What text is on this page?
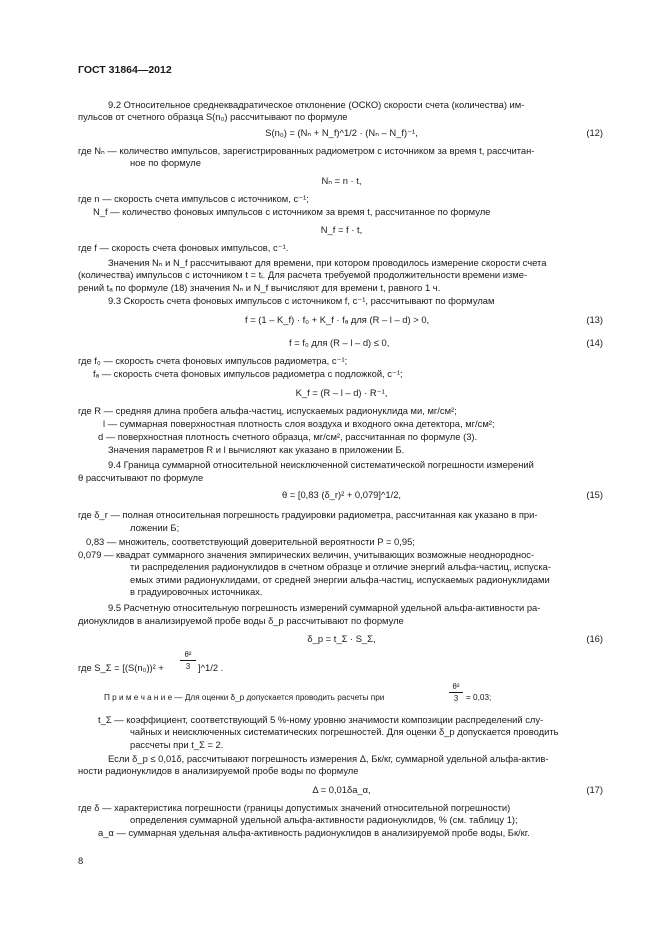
ГОСТ 31864—2012
9.2 Относительное среднеквадратическое отклонение (ОСКО) скорости счета (количества) им-
пульсов от счетного образца S(n₀) рассчитывают по формуле
S(n₀) = (Nₙ + N_f)^1/2 · (Nₙ – N_f)⁻¹,	(12)
где Nₙ — количество импульсов, зарегистрированных радиометром с источником за время t, рассчитан-
ное по формуле
Nₙ = n · t,
где n — скорость счета импульсов с источником, с⁻¹;
N_f — количество фоновых импульсов с источником за время t, рассчитанное по формуле
N_f = f · t,
где f — скорость счета фоновых импульсов, с⁻¹.
Значения Nₙ и N_f рассчитывают для времени, при котором проводилось измерение скорости счета
(количества) импульсов с источником t = tᵢ. Для расчета требуемой продолжительности времени изме-
рений tₐ по формуле (18) значения Nₙ и N_f вычисляют для времени t, равного 1 ч.
9.3 Скорость счета фоновых импульсов с источником f, с⁻¹, рассчитывают по формулам
f = (1 – K_f) · f₀ + K_f · fₐ для (R – l – d) > 0,	(13)
f = f₀ для (R – l – d) ≤ 0,	(14)
где f₀ — скорость счета фоновых импульсов радиометра, с⁻¹;
fₐ — скорость счета фоновых импульсов радиометра с подложкой, с⁻¹;
K_f = (R – l – d) · R⁻¹,
где R — средняя длина пробега альфа-частиц, испускаемых радионуклида ми, мг/см²;
l — суммарная поверхностная плотность слоя воздуха и входного окна детектора, мг/см²;
d — поверхностная плотность счетного образца, мг/см², рассчитанная по формуле (3).
Значения параметров R и l вычисляют как указано в приложении Б.
9.4 Граница суммарной относительной неисключенной систематической погрешности измерений
θ рассчитывают по формуле
θ = [0,83 (δ_r)² + 0,079]^1/2,	(15)
где δ_r — полная относительная погрешность градуировки радиометра, рассчитанная как указано в при-
ложении Б;
0,83 — множитель, соответствующий доверительной вероятности P = 0,95;
0,079 — квадрат суммарного значения эмпирических величин, учитывающих возможные неоднороднос-
ти распределения радионуклидов в счетном образце и отличие энергий альфа-частиц, испуска-
емых этими радионуклидами, от средней энергии альфа-частиц, испускаемых радионуклидами
в градуировочных источниках.
9.5 Расчетную относительную погрешность измерений суммарной удельной альфа-активности ра-
дионуклидов в анализируемой пробе воды δ_p рассчитывают по формуле
δ_p = t_Σ · S_Σ,	(16)
где S_Σ = [(S(n₀))² +
θ²
3 ]^1/2 .
П р и м е ч а н и е — Для оценки δ_p допускается проводить расчеты при
θ²
3 = 0,03;
t_Σ — коэффициент, соответствующий 5 %-ному уровню значимости композиции распределений слу-
чайных и неисключенных систематических погрешностей. Для оценки δ_p допускается проводить
рассчеты при t_Σ = 2.
Если δ_p ≤ 0,01δ, рассчитывают погрешность измерения Δ, Бк/кг, суммарной удельной альфа-актив-
ности радионуклидов в анализируемой пробе воды по формуле
Δ = 0,01δa_α,	(17)
где δ — характеристика погрешности (границы допустимых значений относительной погрешности)
определения суммарной удельной альфа-активности радионуклидов, % (см. таблицу 1);
a_α — суммарная удельная альфа-активность радионуклидов в анализируемой пробе воды, Бк/кг.
8
